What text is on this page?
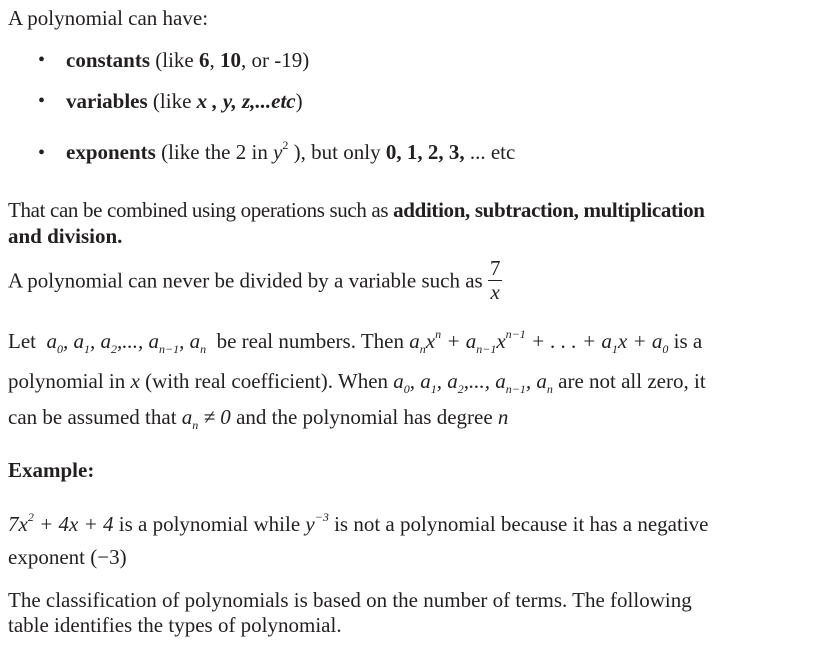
A polynomial can have:
• constants (like 6, 10, or -19)
• variables (like x , y, z,...etc)
• exponents (like the 2 in $y^2$ ), but only 0, 1, 2, 3, ... etc
That can be combined using operations such as addition, subtraction, multiplication
and division.
A polynomial can never be divided by a variable such as $\frac{7}{x}$
Let  $a_0$, $a_1$, $a_2$,..., $a_{n-1}$, $a_n$  be real numbers. Then $a_nx^n + a_{n-1}x^{n-1}$ + . . . + $a_1x + a_0$ is a
polynomial in x (with real coefficient). When $a_0$, $a_1$, $a_2$,..., $a_{n-1}$, $a_n$ are not all zero, it
can be assumed that $a_n \ne 0$ and the polynomial has degree n
Example:
$7x^2 + 4x + 4$ is a polynomial while $y^{-3}$ is not a polynomial because it has a negative
exponent (−3)
The classification of polynomials is based on the number of terms. The following
table identifies the types of polynomial.
